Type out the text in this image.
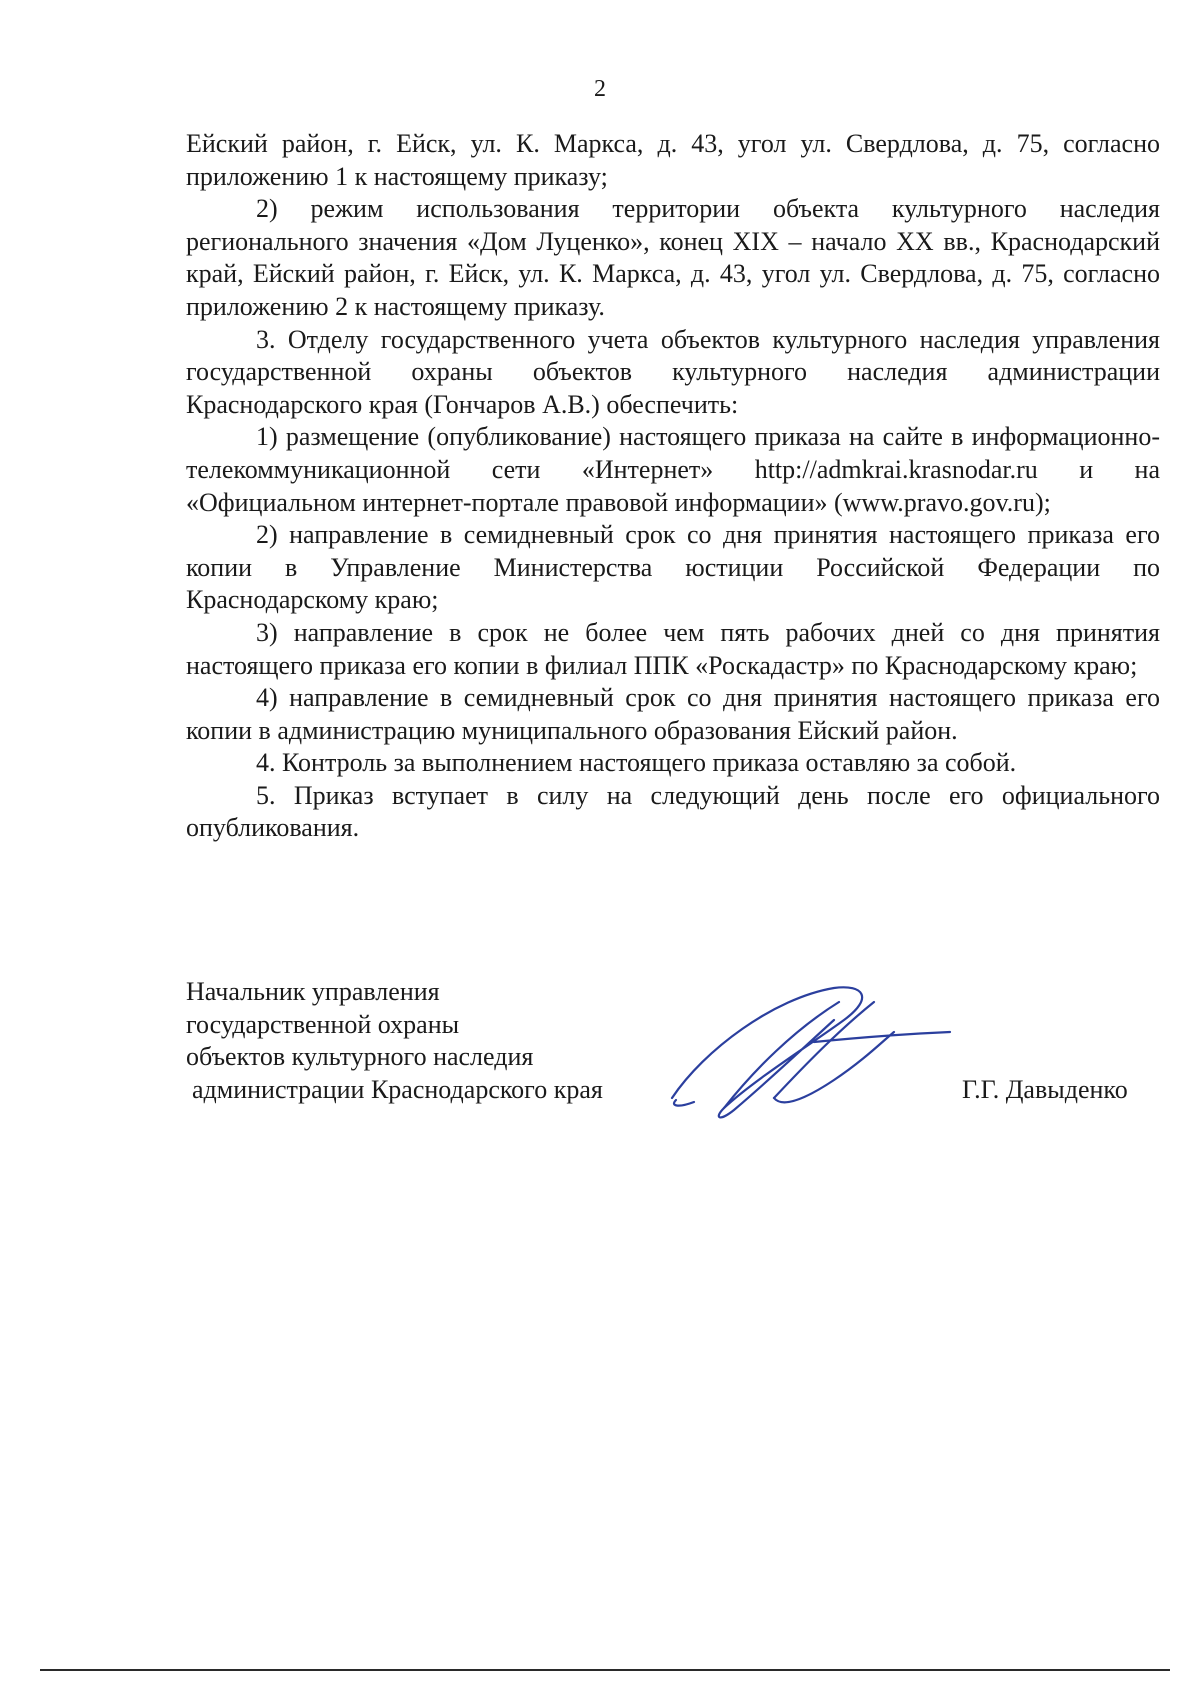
2

Ейский район, г. Ейск, ул. К. Маркса, д. 43, угол ул. Свердлова, д. 75, согласно приложению 1 к настоящему приказу;

2) режим использования территории объекта культурного наследия регионального значения «Дом Луценко», конец XIX – начало XX вв., Краснодарский край, Ейский район, г. Ейск, ул. К. Маркса, д. 43, угол ул. Свердлова, д. 75, согласно приложению 2 к настоящему приказу.

3. Отделу государственного учета объектов культурного наследия управления государственной охраны объектов культурного наследия администрации Краснодарского края (Гончаров А.В.) обеспечить:

1) размещение (опубликование) настоящего приказа на сайте в информационно-телекоммуникационной сети «Интернет» http://admkrai.krasnodar.ru и на «Официальном интернет-портале правовой информации» (www.pravo.gov.ru);

2) направление в семидневный срок со дня принятия настоящего приказа его копии в Управление Министерства юстиции Российской Федерации по Краснодарскому краю;

3) направление в срок не более чем пять рабочих дней со дня принятия настоящего приказа его копии в филиал ППК «Роскадастр» по Краснодарскому краю;

4) направление в семидневный срок со дня принятия настоящего приказа его копии в администрацию муниципального образования Ейский район.

4. Контроль за выполнением настоящего приказа оставляю за собой.

5. Приказ вступает в силу на следующий день после его официального опубликования.

Начальник управления
государственной охраны
объектов культурного наследия
администрации Краснодарского края	Г.Г. Давыденко
